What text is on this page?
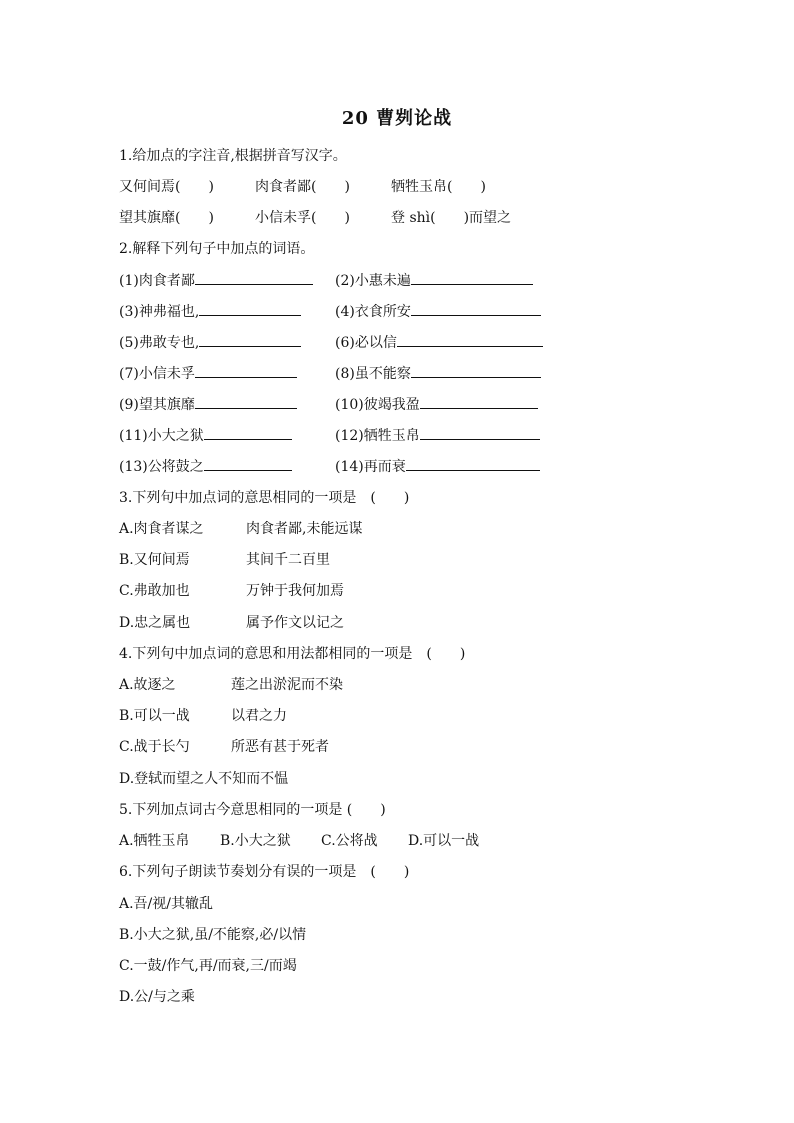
20 曹刿论战
1.给加点的字注音,根据拼音写汉字。
又何间焉(　　)	肉食者鄙(　　)	牺牲玉帛(　　)
望其旗靡(　　)	小信未孚(　　)	登 shì(　　)而望之
2.解释下列句子中加点的词语。
(1)肉食者鄙	(2)小惠未遍
(3)神弗福也,	(4)衣食所安
(5)弗敢专也,	(6)必以信
(7)小信未孚	(8)虽不能察
(9)望其旗靡	(10)彼竭我盈
(11)小大之狱	(12)牺牲玉帛
(13)公将鼓之	(14)再而衰
3.下列句中加点词的意思相同的一项是　(　　)
A.肉食者谋之	肉食者鄙,未能远谋
B.又何间焉	其间千二百里
C.弗敢加也	万钟于我何加焉
D.忠之属也	属予作文以记之
4.下列句中加点词的意思和用法都相同的一项是　(　　)
A.故逐之	莲之出淤泥而不染
B.可以一战	以君之力
C.战于长勺	所恶有甚于死者
D.登轼而望之人不知而不愠
5.下列加点词古今意思相同的一项是 (　　)
A.牺牲玉帛 B.小大之狱 C.公将战 D.可以一战
6.下列句子朗读节奏划分有误的一项是　(　　)
A.吾/视/其辙乱
B.小大之狱,虽/不能察,必/以情
C.一鼓/作气,再/而衰,三/而竭
D.公/与之乘
